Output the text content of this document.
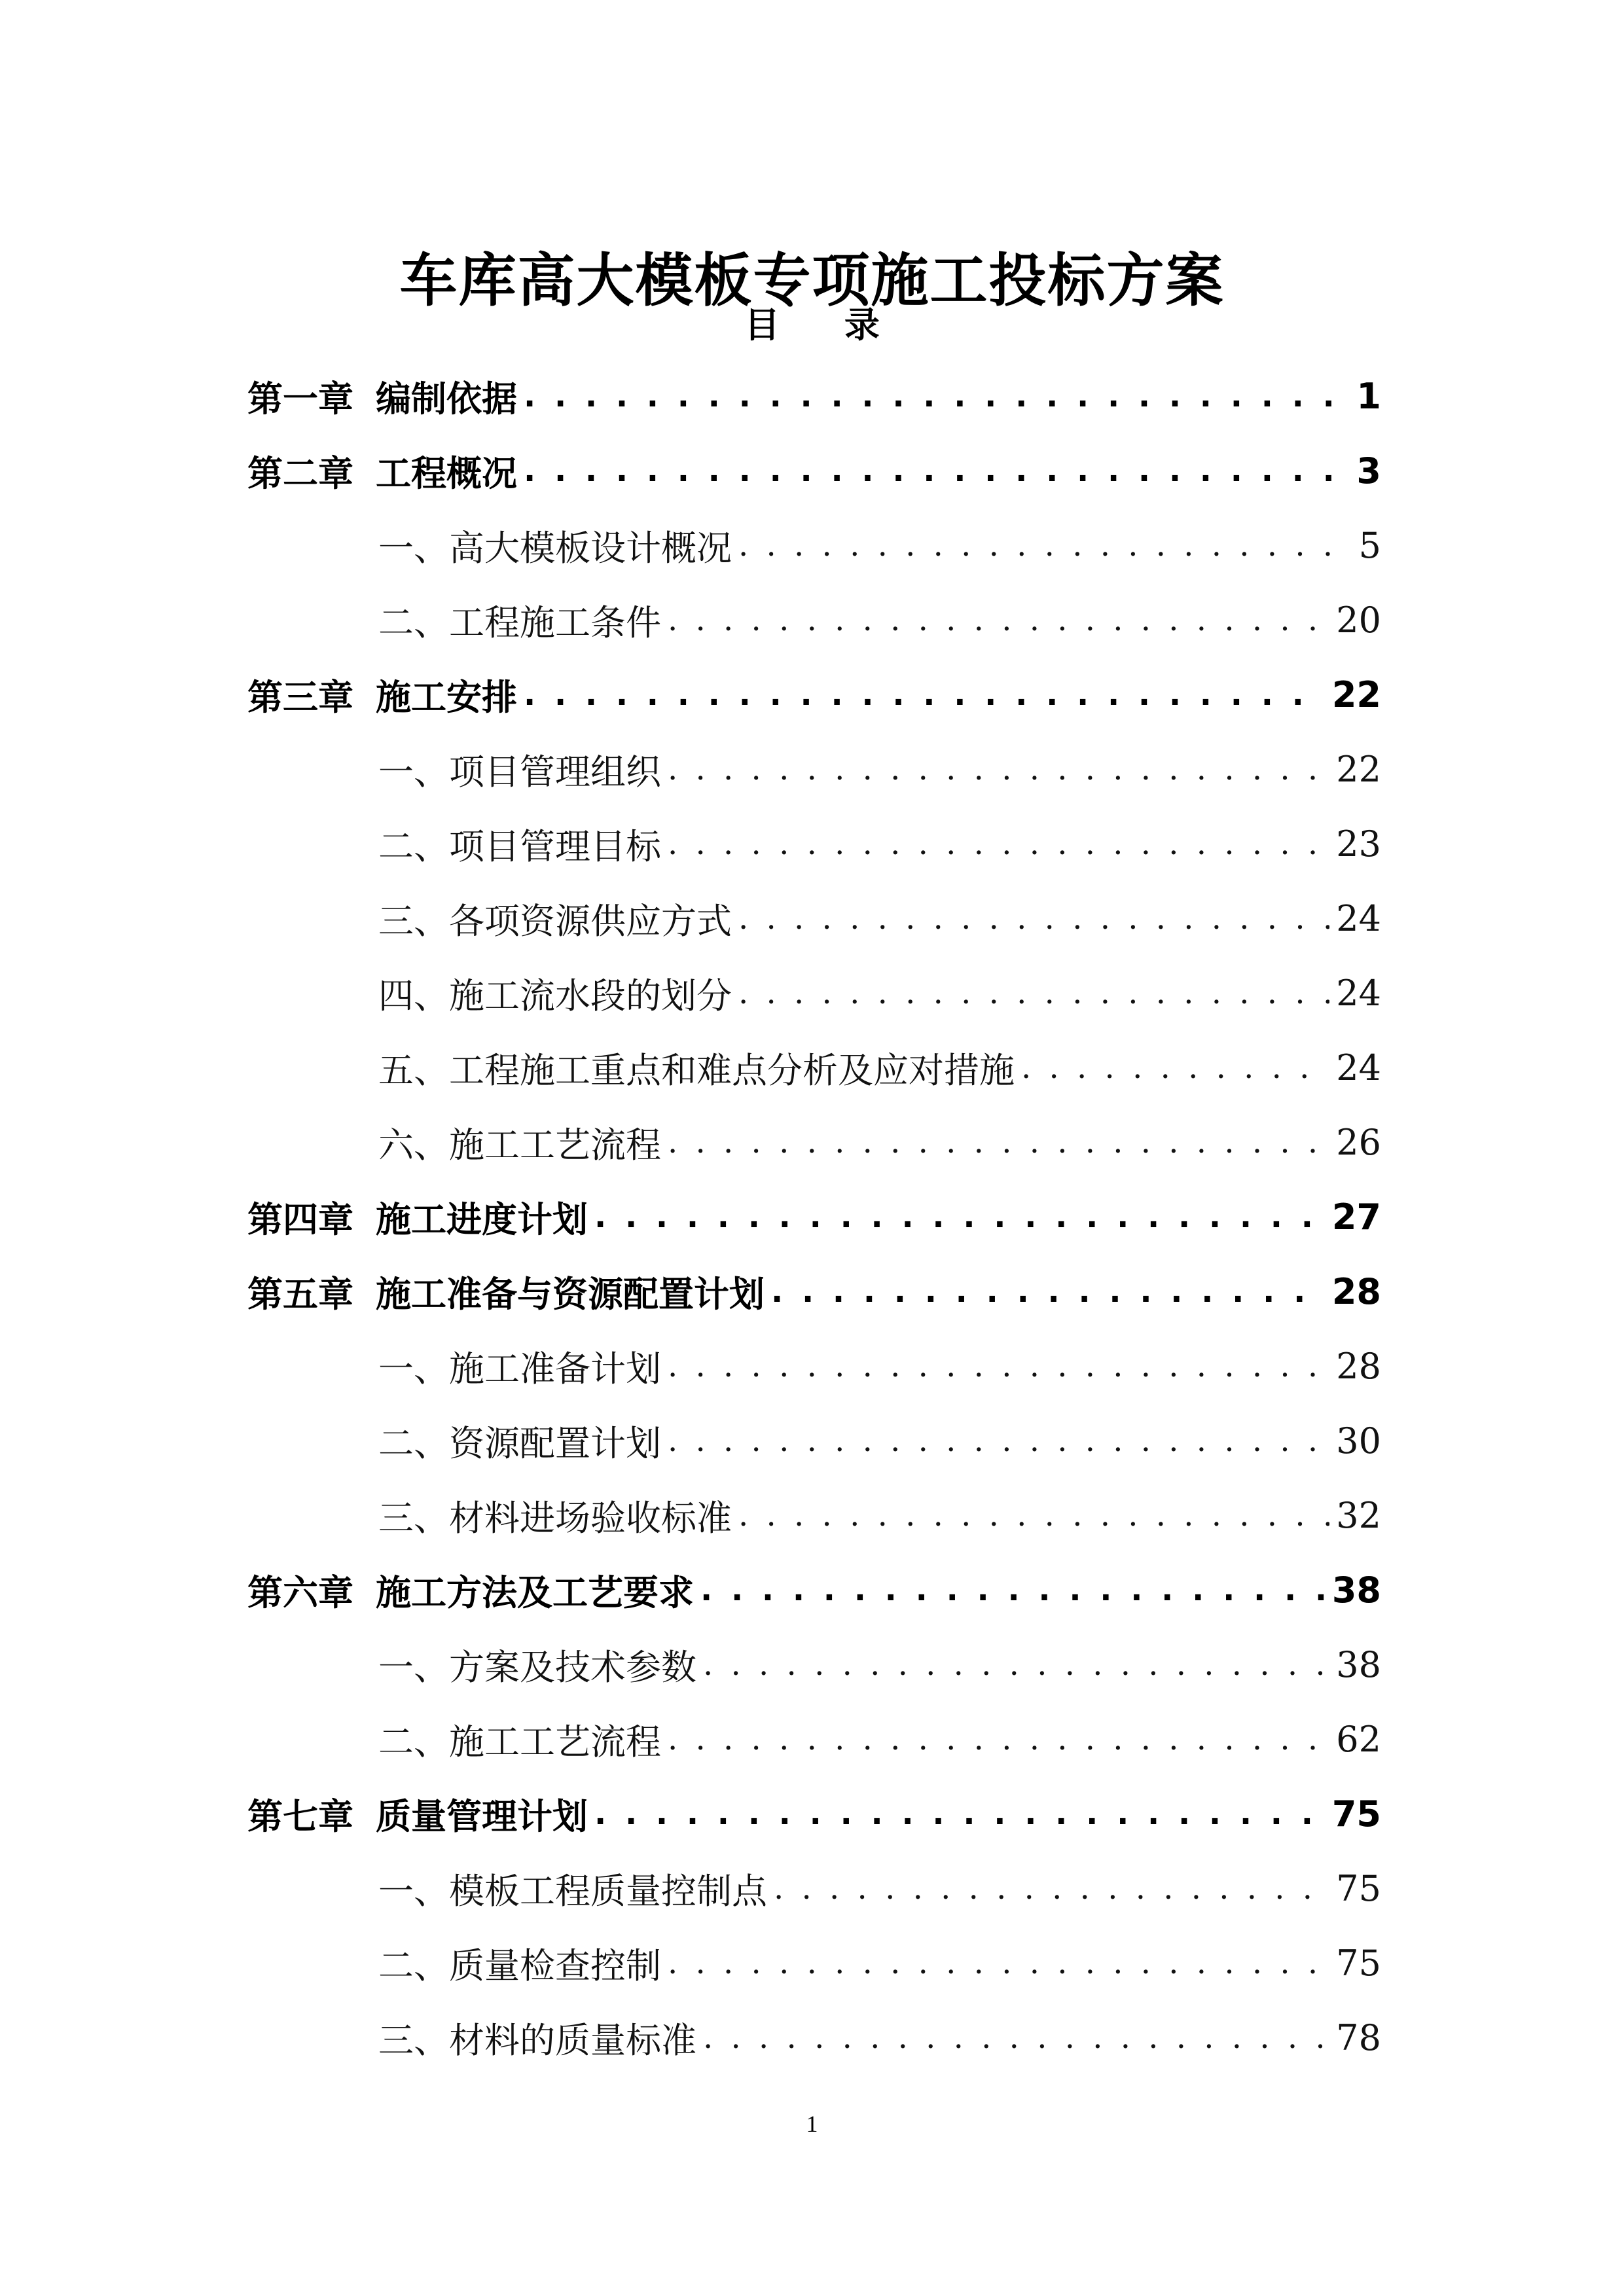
车库高大模板专项施工投标方案
目 录
第一章 编制依据 . . .	1
第二章 工程概况 . . .	3
一、高大模板设计概况 . . .	5
二、工程施工条件 . . .	20
第三章 施工安排 . . .	22
一、项目管理组织 . . .	22
二、项目管理目标 . . .	23
三、各项资源供应方式 . . .	24
四、施工流水段的划分 . . .	24
五、工程施工重点和难点分析及应对措施 . . .	24
六、施工工艺流程 . . .	26
第四章 施工进度计划 . . .	27
第五章 施工准备与资源配置计划 . . .	28
一、施工准备计划 . . .	28
二、资源配置计划 . . .	30
三、材料进场验收标准 . . .	32
第六章 施工方法及工艺要求 . . .	38
一、方案及技术参数 . . .	38
二、施工工艺流程 . . .	62
第七章 质量管理计划 . . .	75
一、模板工程质量控制点 . . .	75
二、质量检查控制 . . .	75
三、材料的质量标准 . . .	78
1
